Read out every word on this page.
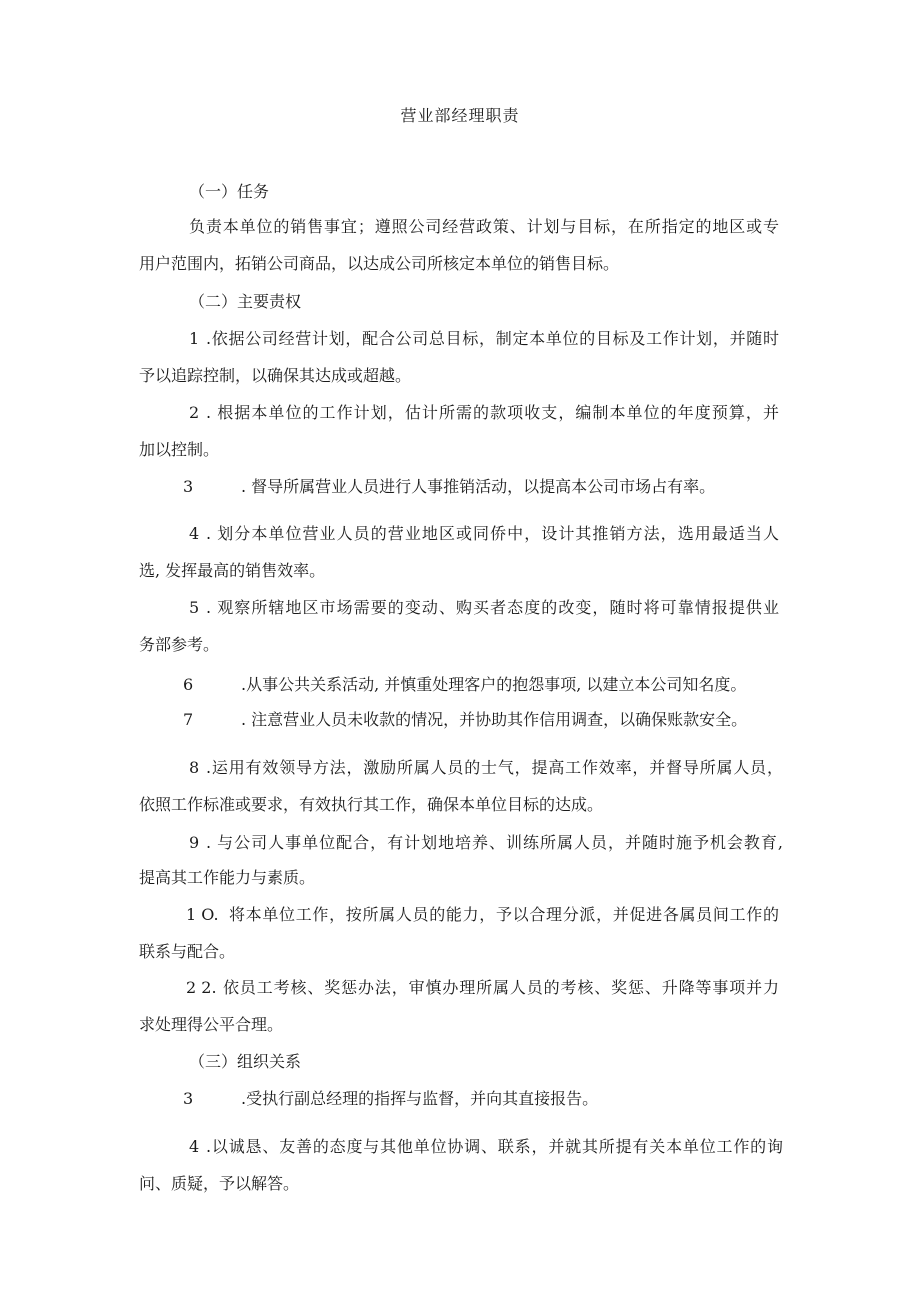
营业部经理职责
（一）任务
负责本单位的销售事宜；遵照公司经营政策、计划与目标，在所指定的地区或专
用户范围内，拓销公司商品，以达成公司所核定本单位的销售目标。
（二）主要责权
1 .依据公司经营计划，配合公司总目标，制定本单位的目标及工作计划，并随时
予以追踪控制，以确保其达成或超越。
2 . 根据本单位的工作计划，估计所需的款项收支，编制本单位的年度预算，并
加以控制。
3	. 督导所属营业人员进行人事推销活动，以提高本公司市场占有率。
4 . 划分本单位营业人员的营业地区或同侨中，设计其推销方法，选用最适当人
选, 发挥最高的销售效率。
5 . 观察所辖地区市场需要的变动、购买者态度的改变，随时将可靠情报提供业
务部参考。
6	.从事公共关系活动, 并慎重处理客户的抱怨事项, 以建立本公司知名度。
7	. 注意营业人员未收款的情况，并协助其作信用调查，以确保账款安全。
8 .运用有效领导方法，激励所属人员的士气，提高工作效率，并督导所属人员，
依照工作标准或要求，有效执行其工作，确保本单位目标的达成。
9 . 与公司人事单位配合，有计划地培养、训练所属人员，并随时施予机会教育,
提高其工作能力与素质。
1 O. 将本单位工作，按所属人员的能力，予以合理分派，并促进各属员间工作的
联系与配合。
2 2. 依员工考核、奖惩办法，审慎办理所属人员的考核、奖惩、升降等事项并力
求处理得公平合理。
（三）组织关系
3	.受执行副总经理的指挥与监督，并向其直接报告。
4 .以诚恳、友善的态度与其他单位协调、联系，并就其所提有关本单位工作的询
问、质疑，予以解答。
